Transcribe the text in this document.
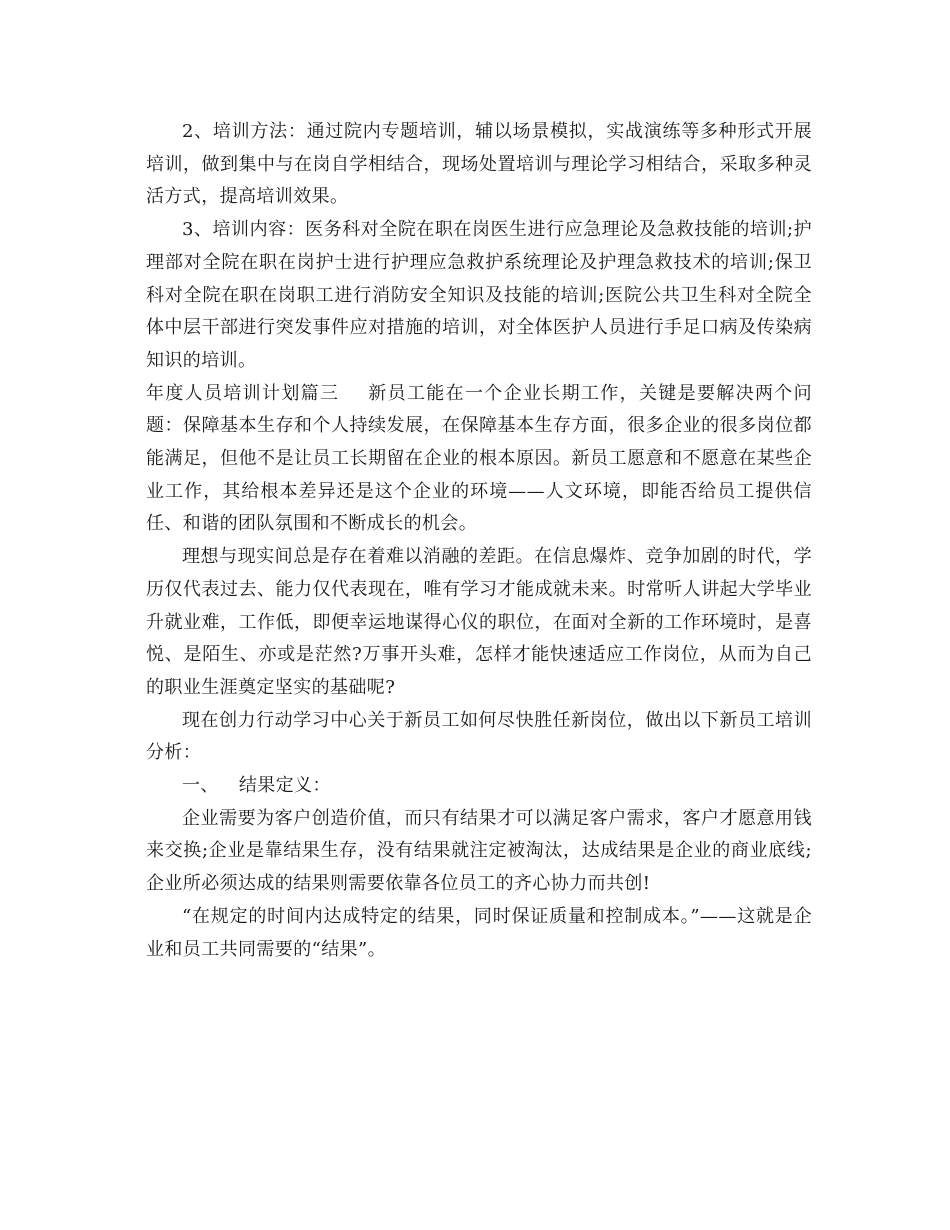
2、培训方法：通过院内专题培训，辅以场景模拟，实战演练等多种形式开展培训，做到集中与在岗自学相结合，现场处置培训与理论学习相结合，采取多种灵活方式，提高培训效果。

3、培训内容：医务科对全院在职在岗医生进行应急理论及急救技能的培训;护理部对全院在职在岗护士进行护理应急救护系统理论及护理急救技术的培训;保卫科对全院在职在岗职工进行消防安全知识及技能的培训;医院公共卫生科对全院全体中层干部进行突发事件应对措施的培训，对全体医护人员进行手足口病及传染病知识的培训。

年度人员培训计划篇三 新员工能在一个企业长期工作，关键是要解决两个问题：保障基本生存和个人持续发展，在保障基本生存方面，很多企业的很多岗位都能满足，但他不是让员工长期留在企业的根本原因。新员工愿意和不愿意在某些企业工作，其给根本差异还是这个企业的环境——人文环境，即能否给员工提供信任、和谐的团队氛围和不断成长的机会。

理想与现实间总是存在着难以消融的差距。在信息爆炸、竞争加剧的时代，学历仅代表过去、能力仅代表现在，唯有学习才能成就未来。时常听人讲起大学毕业升就业难，工作低，即便幸运地谋得心仪的职位，在面对全新的工作环境时，是喜悦、是陌生、亦或是茫然?万事开头难，怎样才能快速适应工作岗位，从而为自己的职业生涯奠定坚实的基础呢?

现在创力行动学习中心关于新员工如何尽快胜任新岗位，做出以下新员工培训分析：

一、 结果定义：

企业需要为客户创造价值，而只有结果才可以满足客户需求，客户才愿意用钱来交换;企业是靠结果生存，没有结果就注定被淘汰，达成结果是企业的商业底线;企业所必须达成的结果则需要依靠各位员工的齐心协力而共创!

“在规定的时间内达成特定的结果，同时保证质量和控制成本。”——这就是企业和员工共同需要的“结果”。
